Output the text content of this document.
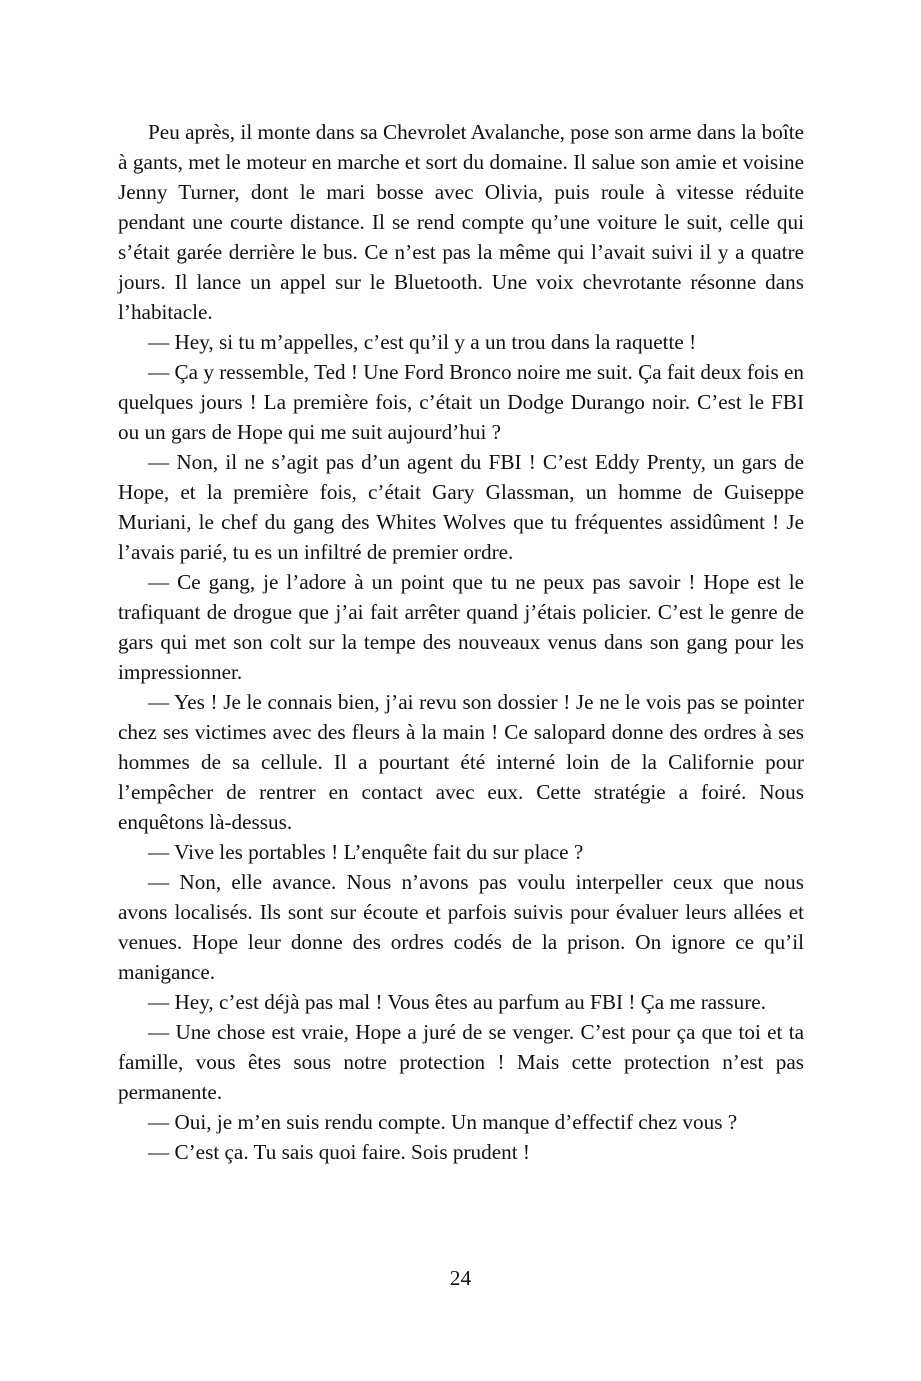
Peu après, il monte dans sa Chevrolet Avalanche, pose son arme dans la boîte à gants, met le moteur en marche et sort du domaine. Il salue son amie et voisine Jenny Turner, dont le mari bosse avec Olivia, puis roule à vitesse réduite pendant une courte distance. Il se rend compte qu’une voiture le suit, celle qui s’était garée derrière le bus. Ce n’est pas la même qui l’avait suivi il y a quatre jours. Il lance un appel sur le Bluetooth. Une voix chevrotante résonne dans l’habitacle.

— Hey, si tu m’appelles, c’est qu’il y a un trou dans la raquette !

— Ça y ressemble, Ted ! Une Ford Bronco noire me suit. Ça fait deux fois en quelques jours ! La première fois, c’était un Dodge Durango noir. C’est le FBI ou un gars de Hope qui me suit aujourd’hui ?

— Non, il ne s’agit pas d’un agent du FBI ! C’est Eddy Prenty, un gars de Hope, et la première fois, c’était Gary Glassman, un homme de Guiseppe Muriani, le chef du gang des Whites Wolves que tu fréquentes assidûment ! Je l’avais parié, tu es un infiltré de premier ordre.

— Ce gang, je l’adore à un point que tu ne peux pas savoir ! Hope est le trafiquant de drogue que j’ai fait arrêter quand j’étais policier. C’est le genre de gars qui met son colt sur la tempe des nouveaux venus dans son gang pour les impressionner.

— Yes ! Je le connais bien, j’ai revu son dossier ! Je ne le vois pas se pointer chez ses victimes avec des fleurs à la main ! Ce salopard donne des ordres à ses hommes de sa cellule. Il a pourtant été interné loin de la Californie pour l’empêcher de rentrer en contact avec eux. Cette stratégie a foiré. Nous enquêtons là-dessus.

— Vive les portables ! L’enquête fait du sur place ?

— Non, elle avance. Nous n’avons pas voulu interpeller ceux que nous avons localisés. Ils sont sur écoute et parfois suivis pour évaluer leurs allées et venues. Hope leur donne des ordres codés de la prison. On ignore ce qu’il manigance.

— Hey, c’est déjà pas mal ! Vous êtes au parfum au FBI ! Ça me rassure.

— Une chose est vraie, Hope a juré de se venger. C’est pour ça que toi et ta famille, vous êtes sous notre protection ! Mais cette protection n’est pas permanente.

— Oui, je m’en suis rendu compte. Un manque d’effectif chez vous ?

— C’est ça. Tu sais quoi faire. Sois prudent !

24
